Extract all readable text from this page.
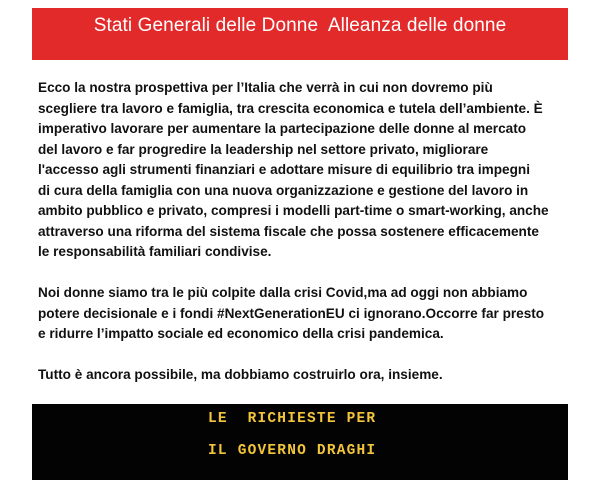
Stati Generali delle Donne  Alleanza delle donne

Ecco la nostra prospettiva per l’Italia che verrà in cui non dovremo più
scegliere tra lavoro e famiglia, tra crescita economica e tutela dell’ambiente. È
imperativo lavorare per aumentare la partecipazione delle donne al mercato
del lavoro e far progredire la leadership nel settore privato, migliorare
l'accesso agli strumenti finanziari e adottare misure di equilibrio tra impegni
di cura della famiglia con una nuova organizzazione e gestione del lavoro in
ambito pubblico e privato, compresi i modelli part-time o smart-working, anche
attraverso una riforma del sistema fiscale che possa sostenere efficacemente
le responsabilità familiari condivise.

Noi donne siamo tra le più colpite dalla crisi Covid,ma ad oggi non abbiamo
potere decisionale e i fondi #NextGenerationEU ci ignorano.Occorre far presto
e ridurre l’impatto sociale ed economico della crisi pandemica.

Tutto è ancora possibile, ma dobbiamo costruirlo ora, insieme.

LE  RICHIESTE PER
IL GOVERNO DRAGHI
